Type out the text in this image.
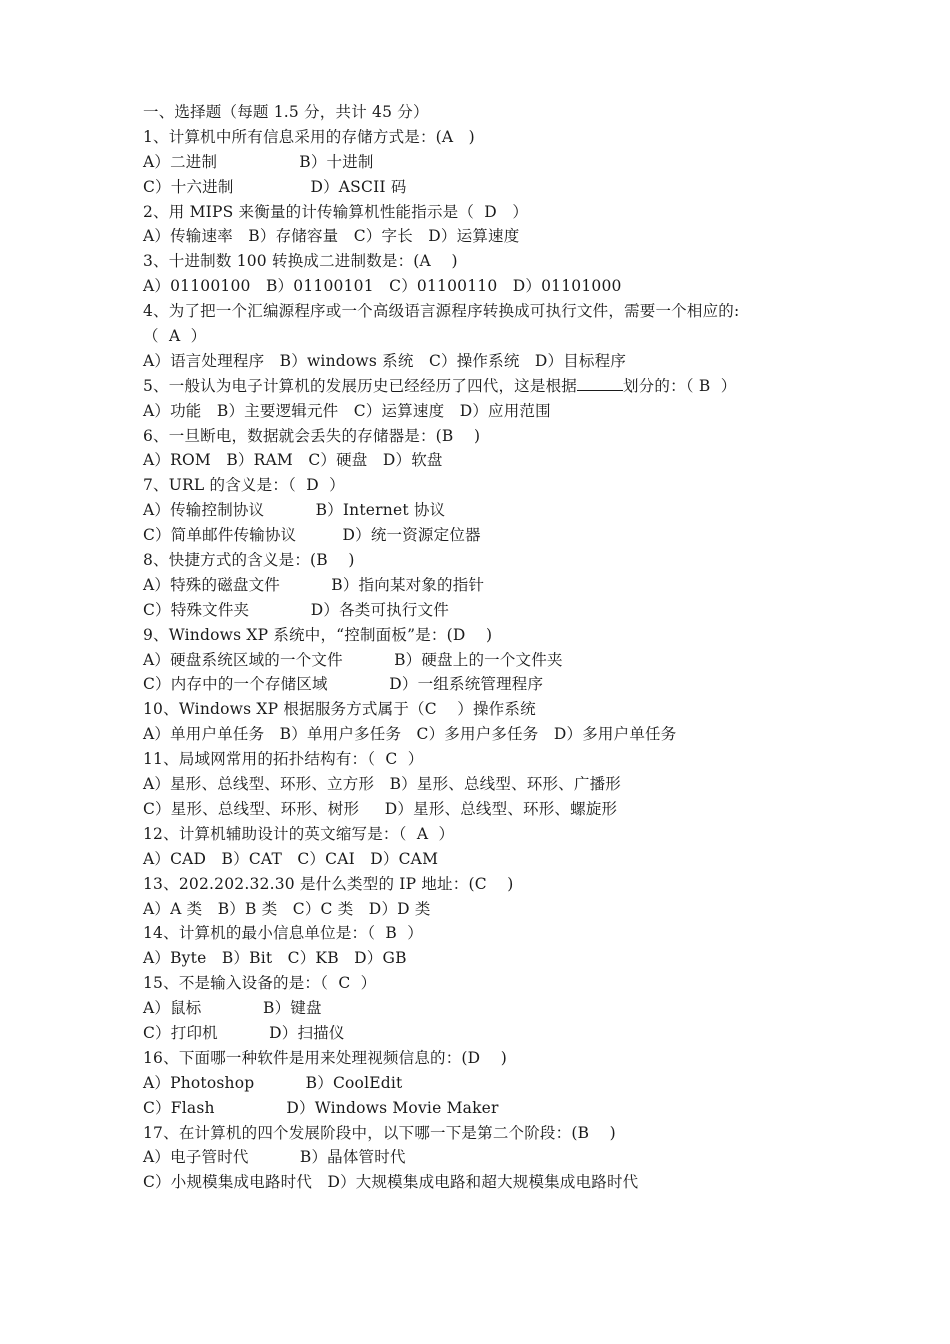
一、选择题（每题 1.5 分，共计 45 分）
1、计算机中所有信息采用的存储方式是：(A   )
A）二进制                B）十进制
C）十六进制               D）ASCII 码
2、用 MIPS 来衡量的计传输算机性能指示是（  D   ）
A）传输速率   B）存储容量   C）字长   D）运算速度
3、十进制数 100 转换成二进制数是：(A    )
A）01100100   B）01100101   C）01100110   D）01101000
4、为了把一个汇编源程序或一个高级语言源程序转换成可执行文件，需要一个相应的:
（  A  ）
A）语言处理程序   B）windows 系统   C）操作系统   D）目标程序
5、一般认为电子计算机的发展历史已经经历了四代，这是根据	划分的：（ B  ）
A）功能   B）主要逻辑元件   C）运算速度   D）应用范围
6、一旦断电，数据就会丢失的存储器是：(B    )
A）ROM   B）RAM   C）硬盘   D）软盘
7、URL 的含义是：（  D  ）
A）传输控制协议          B）Internet 协议
C）简单邮件传输协议         D）统一资源定位器
8、快捷方式的含义是：(B    )
A）特殊的磁盘文件          B）指向某对象的指针
C）特殊文件夹            D）各类可执行文件
9、Windows XP 系统中，“控制面板”是：(D    )
A）硬盘系统区域的一个文件          B）硬盘上的一个文件夹
C）内存中的一个存储区域            D）一组系统管理程序
10、Windows XP 根据服务方式属于（C    ）操作系统
A）单用户单任务   B）单用户多任务   C）多用户多任务   D）多用户单任务
11、局域网常用的拓扑结构有：（  C  ）
A）星形、总线型、环形、立方形   B）星形、总线型、环形、广播形
C）星形、总线型、环形、树形     D）星形、总线型、环形、螺旋形
12、计算机辅助设计的英文缩写是：（  A  ）
A）CAD   B）CAT   C）CAI   D）CAM
13、202.202.32.30 是什么类型的 IP 地址：(C    )
A）A 类   B）B 类   C）C 类   D）D 类
14、计算机的最小信息单位是：（  B  ）
A）Byte   B）Bit   C）KB   D）GB
15、不是输入设备的是：（  C  ）
A）鼠标            B）键盘
C）打印机          D）扫描仪
16、下面哪一种软件是用来处理视频信息的：(D    )
A）Photoshop          B）CoolEdit
C）Flash              D）Windows Movie Maker
17、在计算机的四个发展阶段中，以下哪一下是第二个阶段：(B    )
A）电子管时代          B）晶体管时代
C）小规模集成电路时代   D）大规模集成电路和超大规模集成电路时代
